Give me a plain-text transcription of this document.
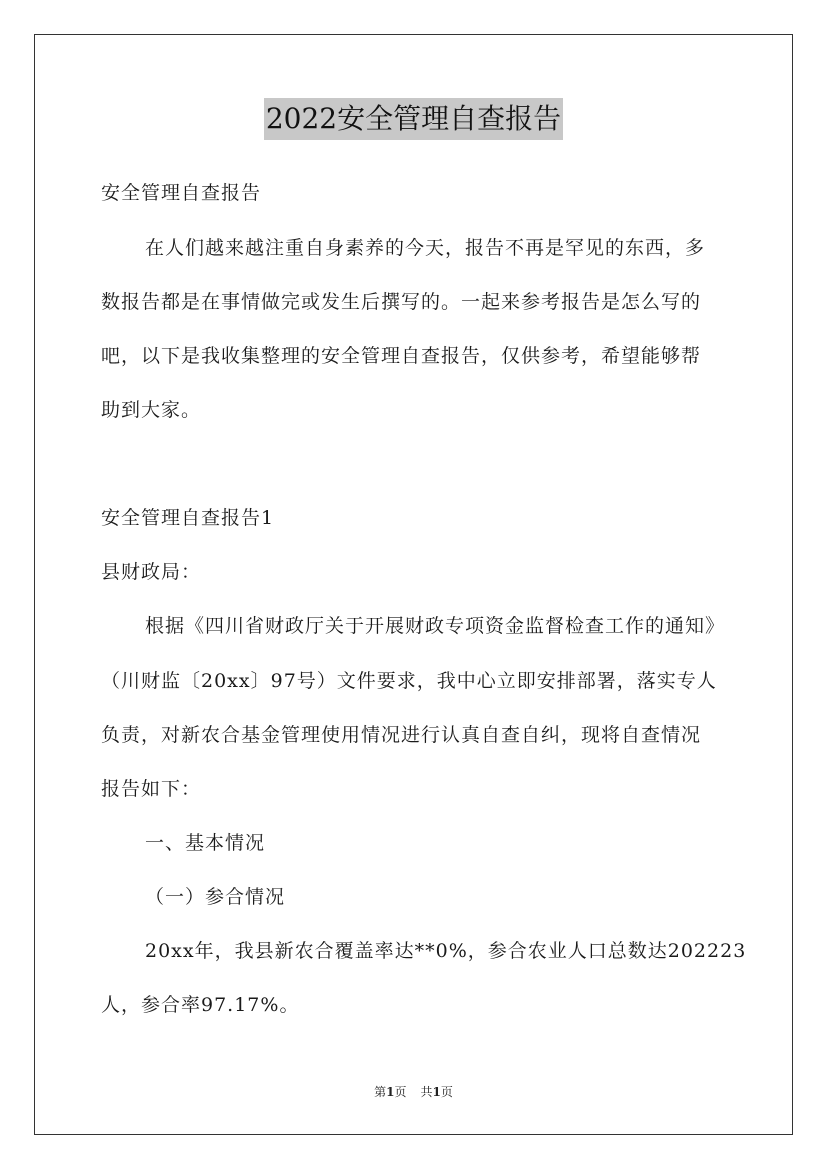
2022安全管理自查报告
安全管理自查报告
在人们越来越注重自身素养的今天，报告不再是罕见的东西，多
数报告都是在事情做完或发生后撰写的。一起来参考报告是怎么写的
吧，以下是我收集整理的安全管理自查报告，仅供参考，希望能够帮
助到大家。
安全管理自查报告1
县财政局：
根据《四川省财政厅关于开展财政专项资金监督检查工作的通知》
（川财监〔20xx〕97号）文件要求，我中心立即安排部署，落实专人
负责，对新农合基金管理使用情况进行认真自查自纠，现将自查情况
报告如下：
一、基本情况
（一）参合情况
20xx年，我县新农合覆盖率达**0%，参合农业人口总数达202223
人，参合率97.17%。
第1页 共1页
